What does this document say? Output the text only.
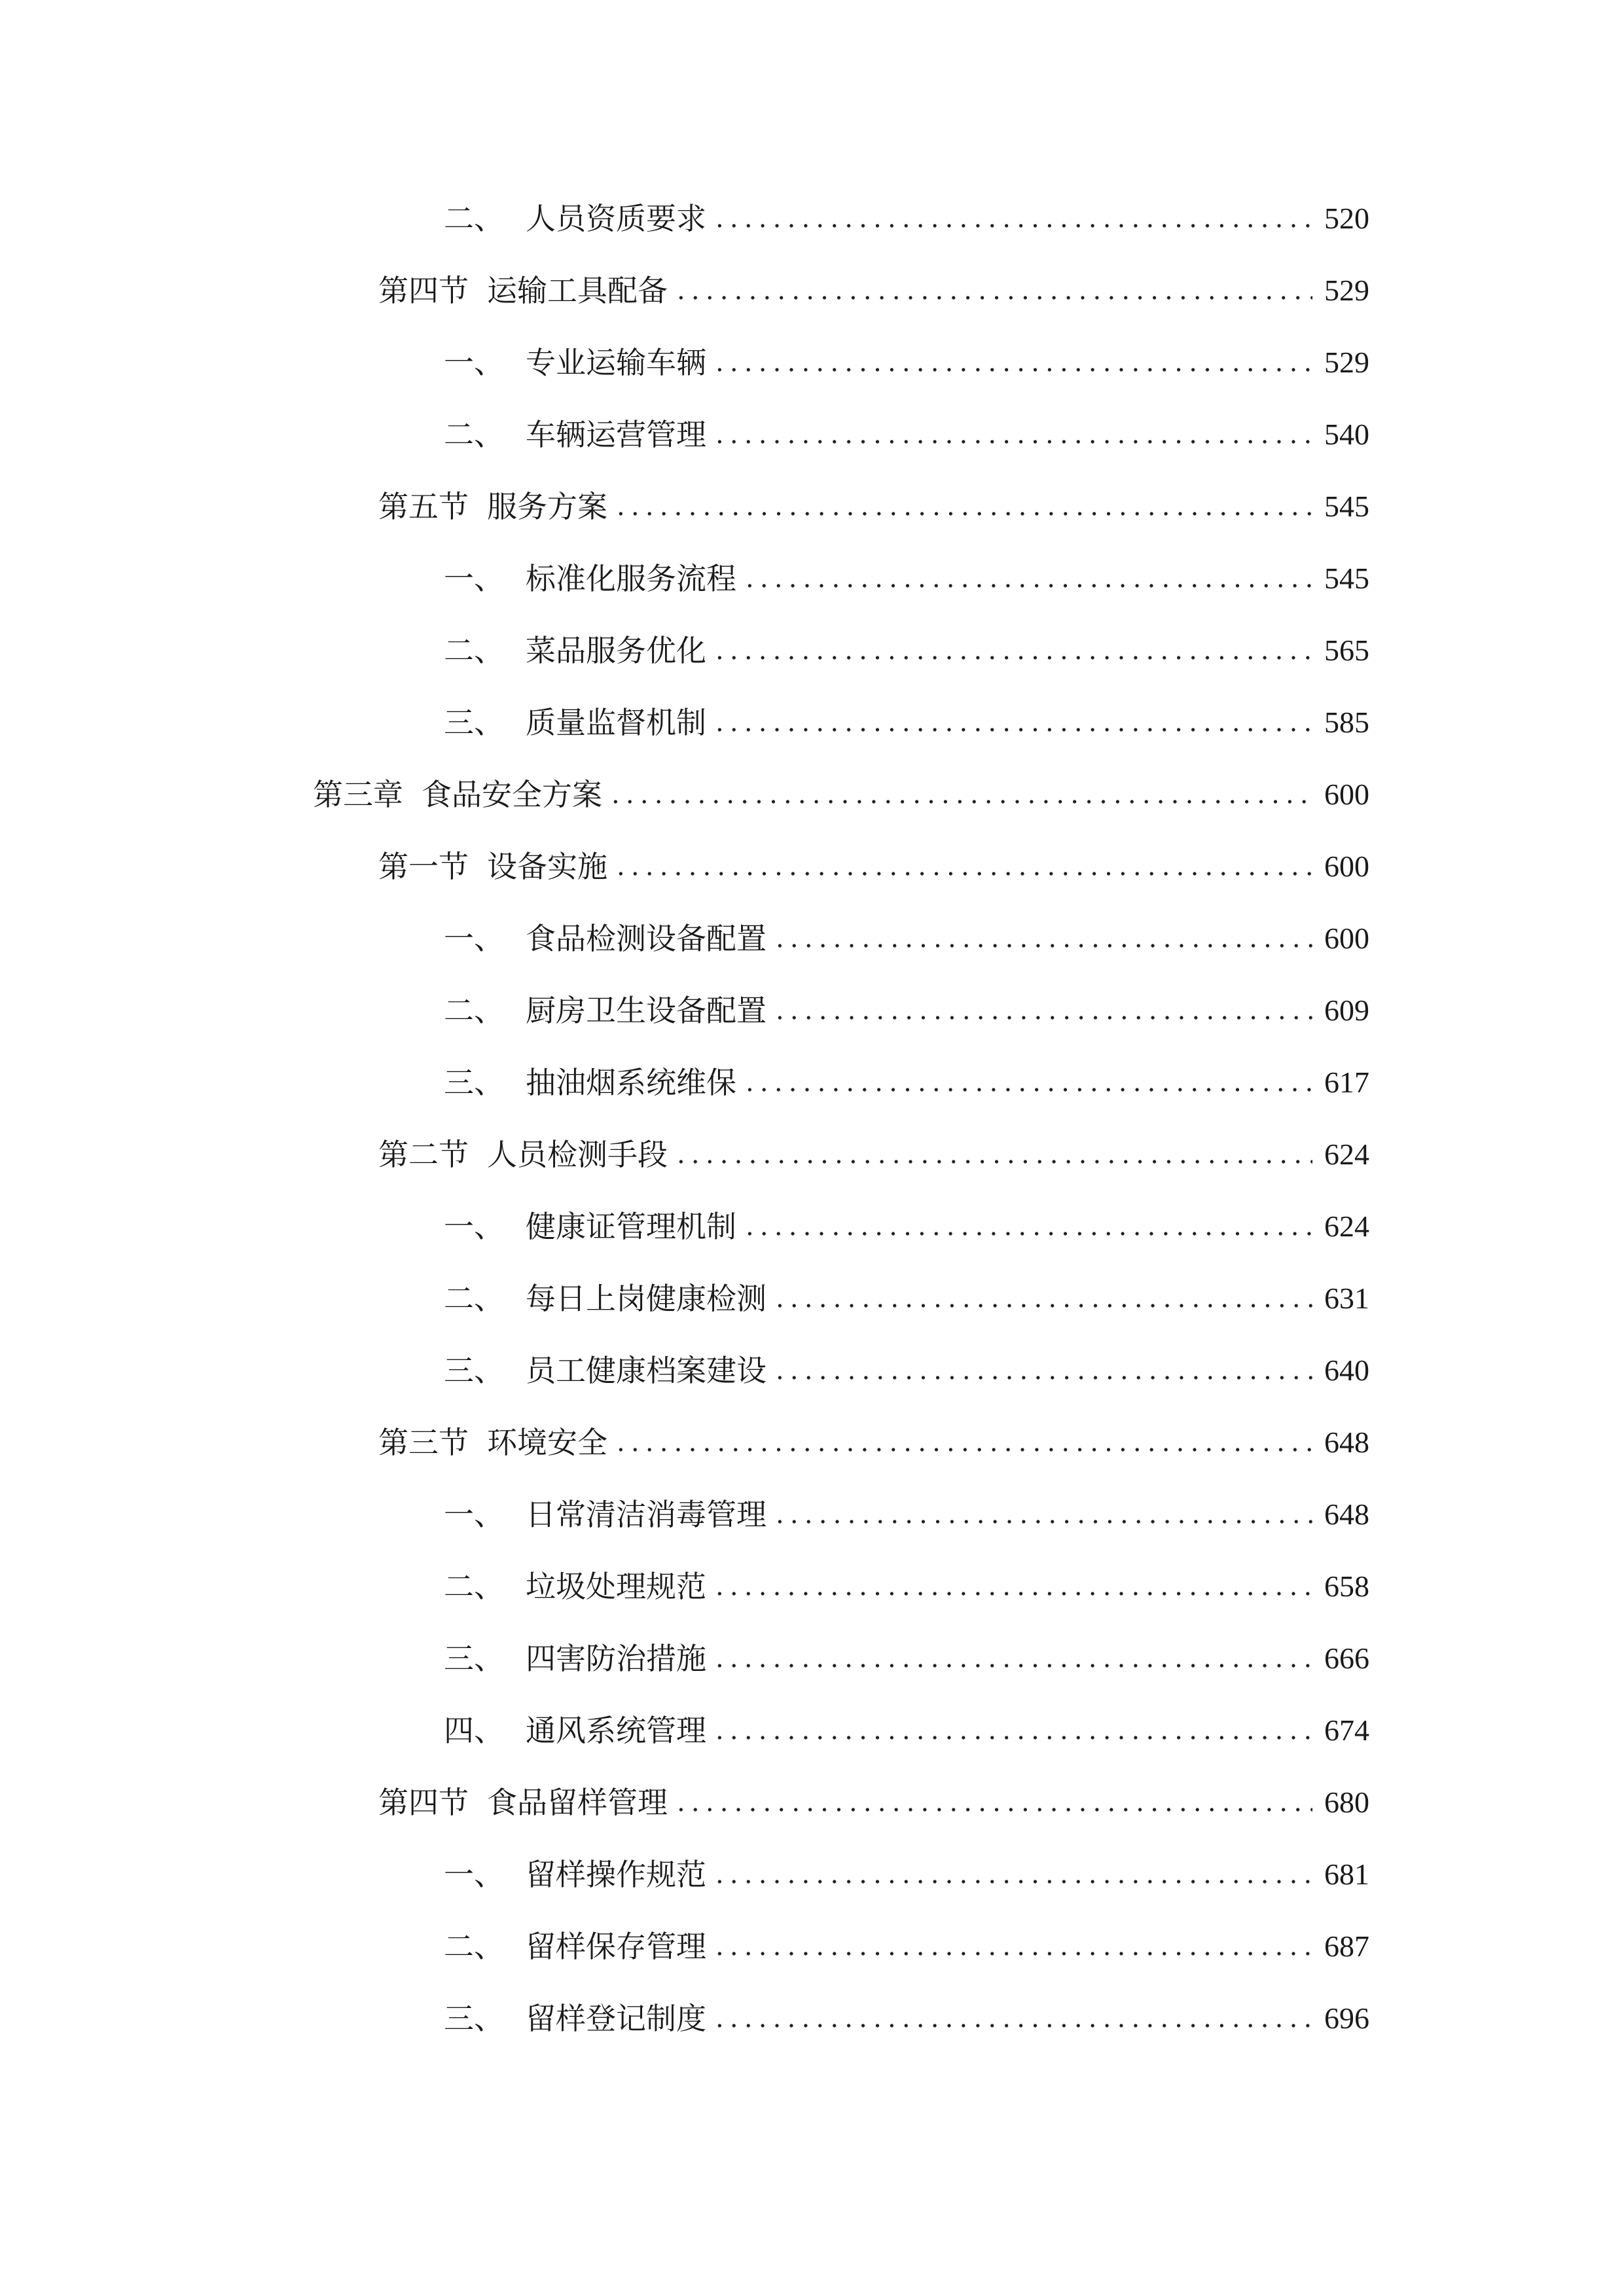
二、 人员资质要求 .....	520
第四节 运输工具配备 .....	529
一、 专业运输车辆 .....	529
二、 车辆运营管理 .....	540
第五节 服务方案 .....	545
一、 标准化服务流程 .....	545
二、 菜品服务优化 .....	565
三、 质量监督机制 .....	585
第三章 食品安全方案 .....	600
第一节 设备实施 .....	600
一、 食品检测设备配置 .....	600
二、 厨房卫生设备配置 .....	609
三、 抽油烟系统维保 .....	617
第二节 人员检测手段 .....	624
一、 健康证管理机制 .....	624
二、 每日上岗健康检测 .....	631
三、 员工健康档案建设 .....	640
第三节 环境安全 .....	648
一、 日常清洁消毒管理 .....	648
二、 垃圾处理规范 .....	658
三、 四害防治措施 .....	666
四、 通风系统管理 .....	674
第四节 食品留样管理 .....	680
一、 留样操作规范 .....	681
二、 留样保存管理 .....	687
三、 留样登记制度 .....	696
